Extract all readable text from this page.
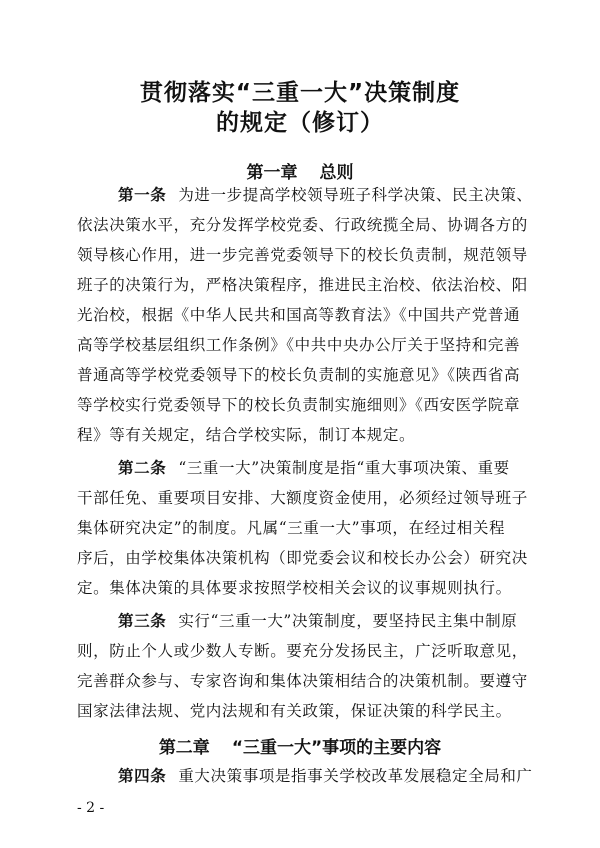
贯彻落实“三重一大”决策制度
的规定（修订）
第一章 总则
第一条 为进一步提高学校领导班子科学决策、民主决策、
依法决策水平，充分发挥学校党委、行政统揽全局、协调各方的
领导核心作用，进一步完善党委领导下的校长负责制，规范领导
班子的决策行为，严格决策程序，推进民主治校、依法治校、阳
光治校，根据《中华人民共和国高等教育法》《中国共产党普通
高等学校基层组织工作条例》《中共中央办公厅关于坚持和完善
普通高等学校党委领导下的校长负责制的实施意见》《陕西省高
等学校实行党委领导下的校长负责制实施细则》《西安医学院章
程》等有关规定，结合学校实际，制订本规定。
第二条 “三重一大”决策制度是指“重大事项决策、重要
干部任免、重要项目安排、大额度资金使用，必须经过领导班子
集体研究决定”的制度。凡属“三重一大”事项，在经过相关程
序后，由学校集体决策机构（即党委会议和校长办公会）研究决
定。集体决策的具体要求按照学校相关会议的议事规则执行。
第三条 实行“三重一大”决策制度，要坚持民主集中制原
则，防止个人或少数人专断。要充分发扬民主，广泛听取意见，
完善群众参与、专家咨询和集体决策相结合的决策机制。要遵守
国家法律法规、党内法规和有关政策，保证决策的科学民主。
第二章 “三重一大”事项的主要内容
第四条 重大决策事项是指事关学校改革发展稳定全局和广
- 2 -
